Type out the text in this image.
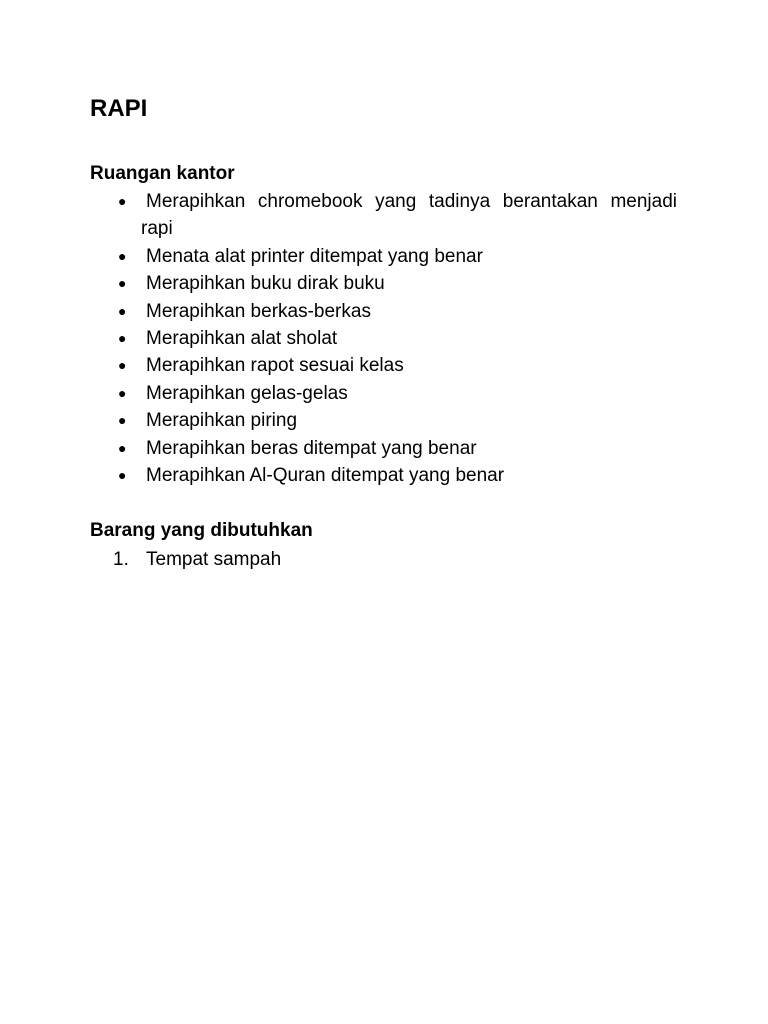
RAPI
Ruangan kantor
●	Merapihkan chromebook yang tadinya berantakan menjadi
rapi
●	Menata alat printer ditempat yang benar
●	Merapihkan buku dirak buku
●	Merapihkan berkas-berkas
●	Merapihkan alat sholat
●	Merapihkan rapot sesuai kelas
●	Merapihkan gelas-gelas
●	Merapihkan piring
●	Merapihkan beras ditempat yang benar
●	Merapihkan Al-Quran ditempat yang benar
Barang yang dibutuhkan
1. Tempat sampah
